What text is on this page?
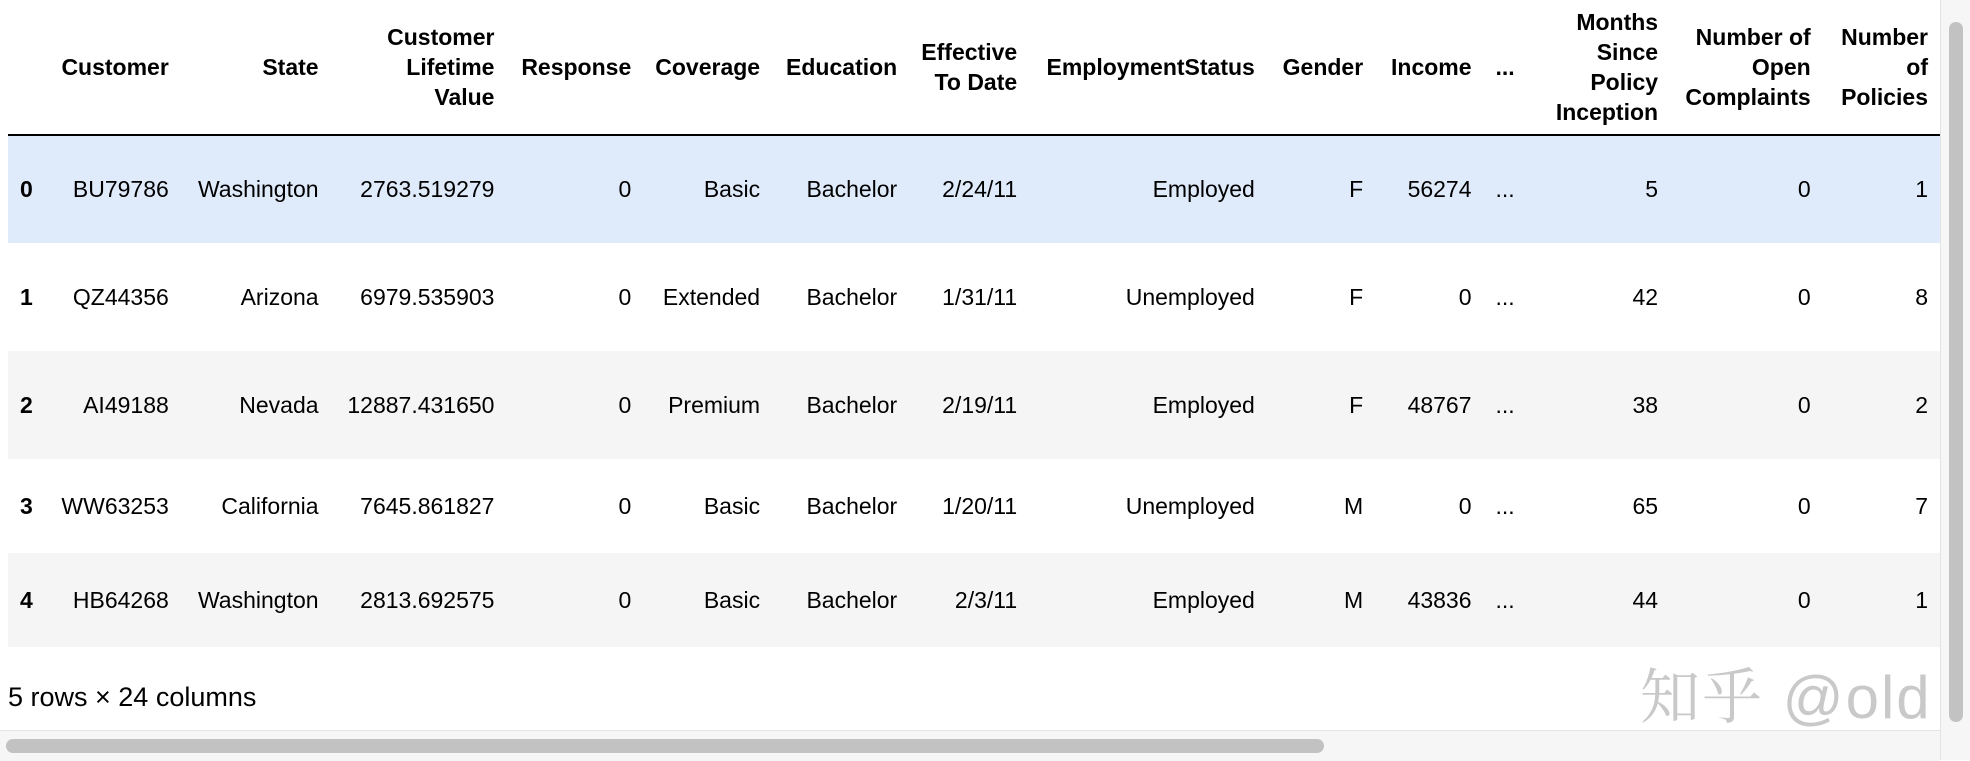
	Customer	State	Customer Lifetime Value	Response	Coverage	Education	Effective To Date	EmploymentStatus	Gender	Income	...	Months Since Policy Inception	Number of Open Complaints	Number of Policies
0	BU79786	Washington	2763.519279	0	Basic	Bachelor	2/24/11	Employed	F	56274	...	5	0	1
1	QZ44356	Arizona	6979.535903	0	Extended	Bachelor	1/31/11	Unemployed	F	0	...	42	0	8
2	AI49188	Nevada	12887.431650	0	Premium	Bachelor	2/19/11	Employed	F	48767	...	38	0	2
3	WW63253	California	7645.861827	0	Basic	Bachelor	1/20/11	Unemployed	M	0	...	65	0	7
4	HB64268	Washington	2813.692575	0	Basic	Bachelor	2/3/11	Employed	M	43836	...	44	0	1
5 rows × 24 columns	知乎 @old
